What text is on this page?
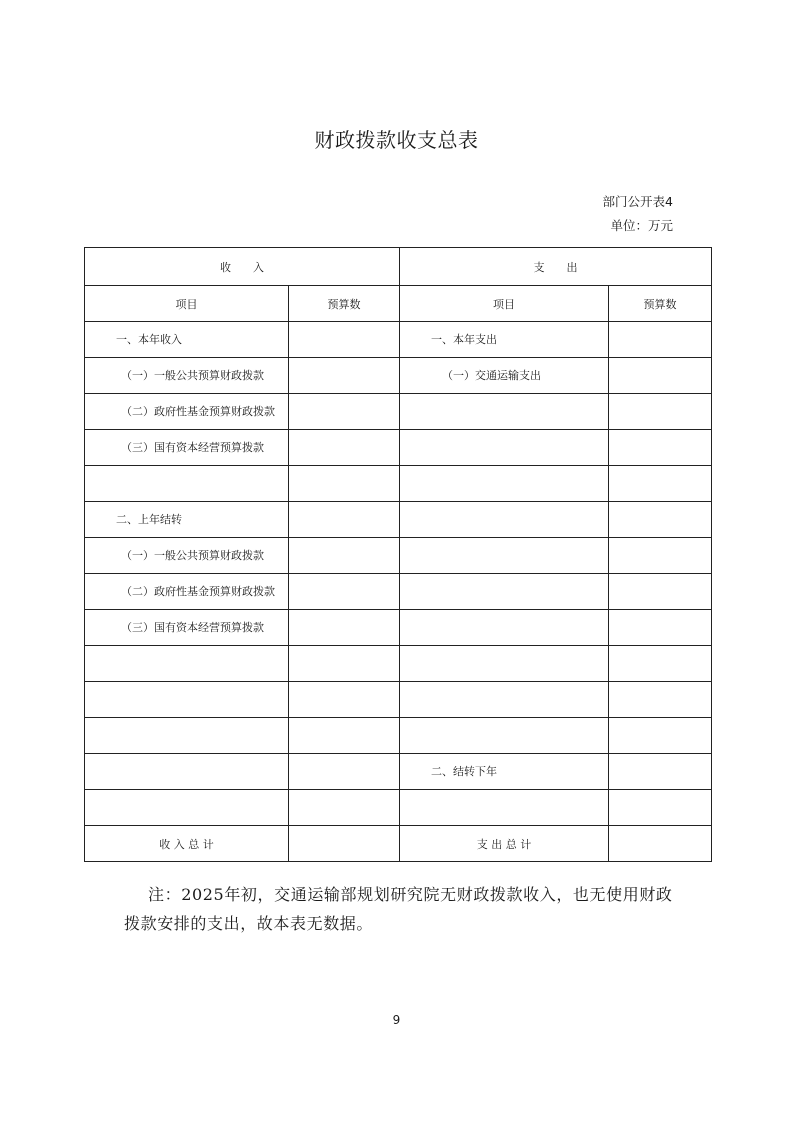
财政拨款收支总表
部门公开表4
单位：万元
收　　入		支　　出	
项目	预算数	项目	预算数

一、本年收入		一、本年支出	

（一）一般公共预算财政拨款		（一）交通运输支出	

（二）政府性基金预算财政拨款			

（三）国有资本经营预算拨款			

二、上年结转			

（一）一般公共预算财政拨款			

（二）政府性基金预算财政拨款			

（三）国有资本经营预算拨款			

		二、结转下年	

收 入 总 计		支 出 总 计	
注：2025年初，交通运输部规划研究院无财政拨款收入，也无使用财政拨款安排的支出，故本表无数据。
9
